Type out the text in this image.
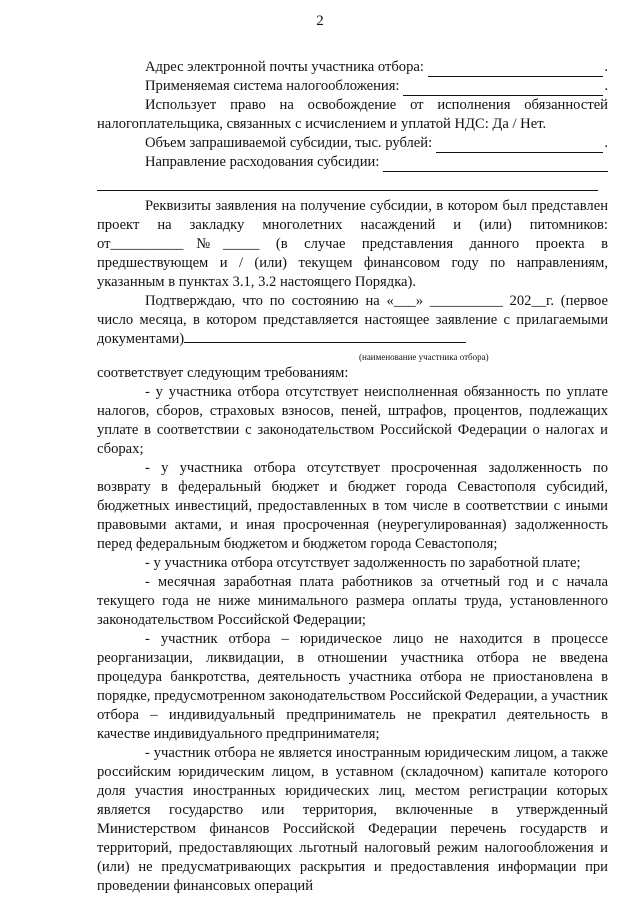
2
Адрес электронной почты участника отбора:	.
Применяемая система налогообложения:	.

Использует право на освобождение от исполнения обязанностей налогоплательщика, связанных с исчислением и уплатой НДС: Да / Нет.

Объем запрашиваемой субсидии, тыс. рублей:	.
Направление расходования субсидии:

Реквизиты заявления на получение субсидии, в котором был представлен проект на закладку многолетних насаждений и (или) питомников: от__________№_____ (в случае представления данного проекта в предшествующем и / (или) текущем финансовом году по направлениям, указанным в пунктах 3.1, 3.2 настоящего Порядка).

Подтверждаю, что по состоянию на «___» __________ 202__г. (первое число месяца, в котором представляется настоящее заявление с прилагаемыми документами)

(наименование участника отбора)

соответствует следующим требованиям:

- у участника отбора отсутствует неисполненная обязанность по уплате налогов, сборов, страховых взносов, пеней, штрафов, процентов, подлежащих уплате в соответствии с законодательством Российской Федерации о налогах и сборах;

- у участника отбора отсутствует просроченная задолженность по возврату в федеральный бюджет и бюджет города Севастополя субсидий, бюджетных инвестиций, предоставленных в том числе в соответствии с иными правовыми актами, и иная просроченная (неурегулированная) задолженность перед федеральным бюджетом и бюджетом города Севастополя;

- у участника отбора отсутствует задолженность по заработной плате;

- месячная заработная плата работников за отчетный год и с начала текущего года не ниже минимального размера оплаты труда, установленного законодательством Российской Федерации;

- участник отбора – юридическое лицо не находится в процессе реорганизации, ликвидации, в отношении участника отбора не введена процедура банкротства, деятельность участника отбора не приостановлена в порядке, предусмотренном законодательством Российской Федерации, а участник отбора – индивидуальный предприниматель не прекратил деятельность в качестве индивидуального предпринимателя;

- участник отбора не является иностранным юридическим лицом, а также российским юридическим лицом, в уставном (складочном) капитале которого доля участия иностранных юридических лиц, местом регистрации которых является государство или территория, включенные в утвержденный Министерством финансов Российской Федерации перечень государств и территорий, предоставляющих льготный налоговый режим налогообложения и (или) не предусматривающих раскрытия и предоставления информации при проведении финансовых операций
